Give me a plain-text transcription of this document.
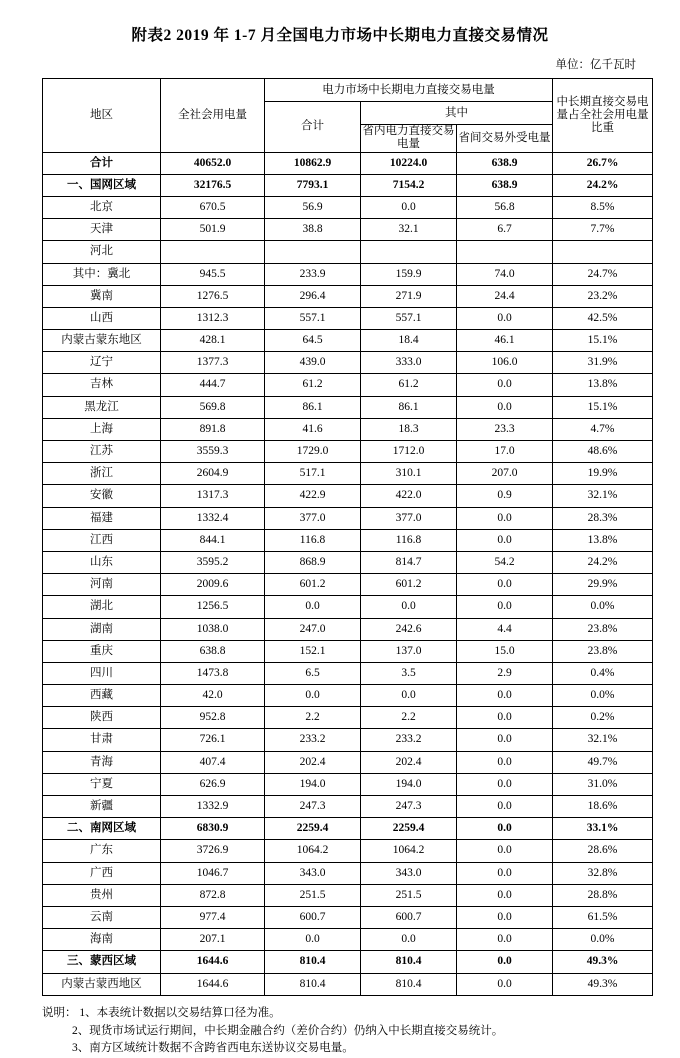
附表2 2019 年 1-7 月全国电力市场中长期电力直接交易情况
单位：亿千瓦时
地区	全社会用电量	电力市场中长期电力直接交易电量			中长期直接交易电量占全社会用电量比重
		合计	其中		
			省内电力直接交易电量	省间交易外受电量	
合计	40652.0	10862.9	10224.0	638.9	26.7%
一、国网区域	32176.5	7793.1	7154.2	638.9	24.2%
北京	670.5	56.9	0.0	56.8	8.5%
天津	501.9	38.8	32.1	6.7	7.7%
河北					
其中：冀北	945.5	233.9	159.9	74.0	24.7%
冀南	1276.5	296.4	271.9	24.4	23.2%
山西	1312.3	557.1	557.1	0.0	42.5%
内蒙古蒙东地区	428.1	64.5	18.4	46.1	15.1%
辽宁	1377.3	439.0	333.0	106.0	31.9%
吉林	444.7	61.2	61.2	0.0	13.8%
黑龙江	569.8	86.1	86.1	0.0	15.1%
上海	891.8	41.6	18.3	23.3	4.7%
江苏	3559.3	1729.0	1712.0	17.0	48.6%
浙江	2604.9	517.1	310.1	207.0	19.9%
安徽	1317.3	422.9	422.0	0.9	32.1%
福建	1332.4	377.0	377.0	0.0	28.3%
江西	844.1	116.8	116.8	0.0	13.8%
山东	3595.2	868.9	814.7	54.2	24.2%
河南	2009.6	601.2	601.2	0.0	29.9%
湖北	1256.5	0.0	0.0	0.0	0.0%
湖南	1038.0	247.0	242.6	4.4	23.8%
重庆	638.8	152.1	137.0	15.0	23.8%
四川	1473.8	6.5	3.5	2.9	0.4%
西藏	42.0	0.0	0.0	0.0	0.0%
陕西	952.8	2.2	2.2	0.0	0.2%
甘肃	726.1	233.2	233.2	0.0	32.1%
青海	407.4	202.4	202.4	0.0	49.7%
宁夏	626.9	194.0	194.0	0.0	31.0%
新疆	1332.9	247.3	247.3	0.0	18.6%
二、南网区域	6830.9	2259.4	2259.4	0.0	33.1%
广东	3726.9	1064.2	1064.2	0.0	28.6%
广西	1046.7	343.0	343.0	0.0	32.8%
贵州	872.8	251.5	251.5	0.0	28.8%
云南	977.4	600.7	600.7	0.0	61.5%
海南	207.1	0.0	0.0	0.0	0.0%
三、蒙西区域	1644.6	810.4	810.4	0.0	49.3%
内蒙古蒙西地区	1644.6	810.4	810.4	0.0	49.3%
说明： 1、本表统计数据以交易结算口径为准。
2、现货市场试运行期间，中长期金融合约（差价合约）仍纳入中长期直接交易统计。
3、南方区域统计数据不含跨省西电东送协议交易电量。
